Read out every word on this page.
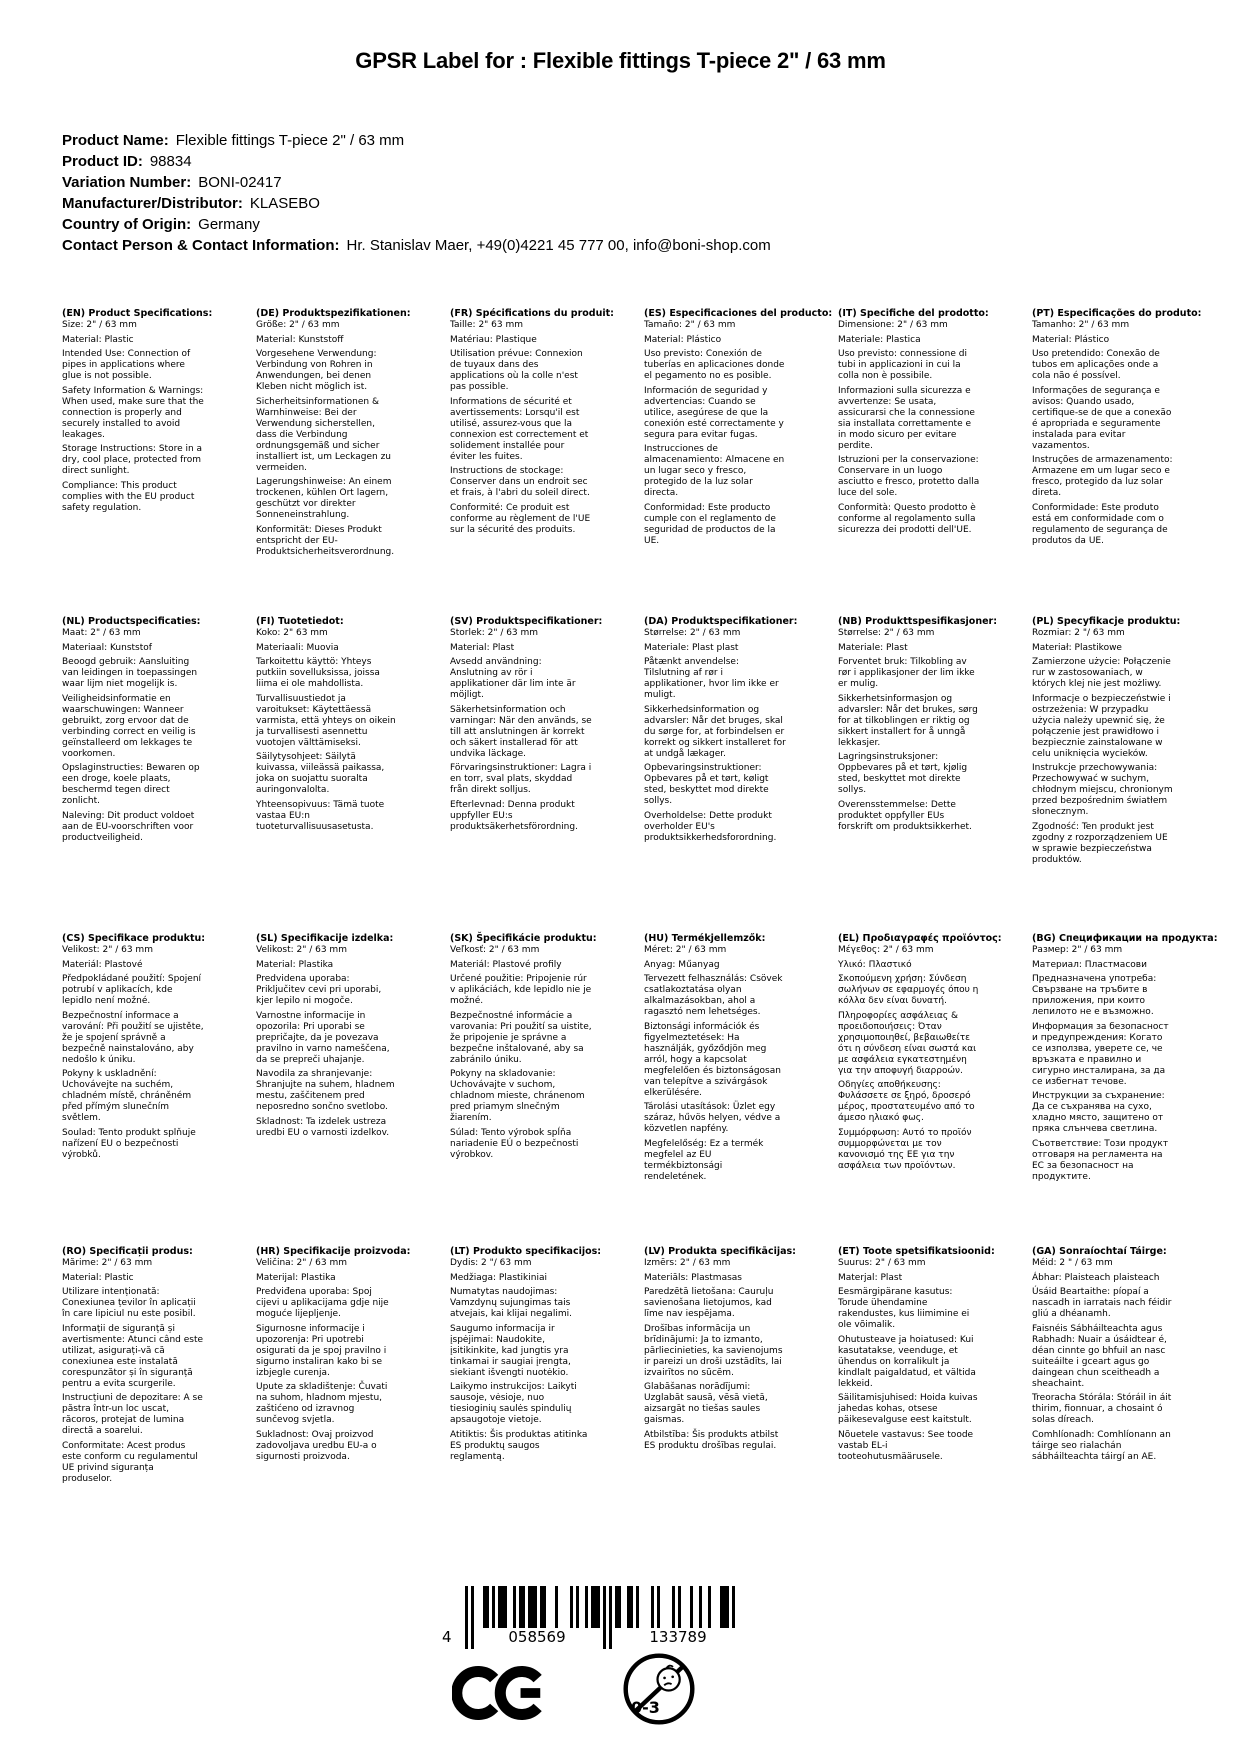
GPSR Label for : Flexible fittings T-piece 2" / 63 mm
Product Name: Flexible fittings T-piece 2" / 63 mm
Product ID: 98834
Variation Number: BONI-02417
Manufacturer/Distributor: KLASEBO
Country of Origin: Germany
Contact Person & Contact Information: Hr. Stanislav Maer, +49(0)4221 45 777 00, info@boni-shop.com
(EN) Product Specifications:

Size: 2" / 63 mm

Material: Plastic

Intended Use: Connection of pipes in applications where glue is not possible.

Safety Information & Warnings: When used, make sure that the connection is properly and securely installed to avoid leakages.

Storage Instructions: Store in a dry, cool place, protected from direct sunlight.

Compliance: This product complies with the EU product safety regulation.

(DE) Produktspezifikationen:

Größe: 2" / 63 mm

Material: Kunststoff

Vorgesehene Verwendung: Verbindung von Rohren in Anwendungen, bei denen Kleben nicht möglich ist.

Sicherheitsinformationen & Warnhinweise: Bei der Verwendung sicherstellen, dass die Verbindung ordnungsgemäß und sicher installiert ist, um Leckagen zu vermeiden.

Lagerungshinweise: An einem trockenen, kühlen Ort lagern, geschützt vor direkter Sonneneinstrahlung.

Konformität: Dieses Produkt entspricht der EU-Produktsicherheitsverordnung.

(FR) Spécifications du produit:

Taille: 2" 63 mm

Matériau: Plastique

Utilisation prévue: Connexion de tuyaux dans des applications où la colle n'est pas possible.

Informations de sécurité et avertissements: Lorsqu'il est utilisé, assurez-vous que la connexion est correctement et solidement installée pour éviter les fuites.

Instructions de stockage: Conserver dans un endroit sec et frais, à l'abri du soleil direct.

Conformité: Ce produit est conforme au règlement de l'UE sur la sécurité des produits.

(ES) Especificaciones del producto:

Tamaño: 2" / 63 mm

Material: Plástico

Uso previsto: Conexión de tuberías en aplicaciones donde el pegamento no es posible.

Información de seguridad y advertencias: Cuando se utilice, asegúrese de que la conexión esté correctamente y segura para evitar fugas.

Instrucciones de almacenamiento: Almacene en un lugar seco y fresco, protegido de la luz solar directa.

Conformidad: Este producto cumple con el reglamento de seguridad de productos de la UE.

(IT) Specifiche del prodotto:

Dimensione: 2" / 63 mm

Materiale: Plastica

Uso previsto: connessione di tubi in applicazioni in cui la colla non è possibile.

Informazioni sulla sicurezza e avvertenze: Se usata, assicurarsi che la connessione sia installata correttamente e in modo sicuro per evitare perdite.

Istruzioni per la conservazione: Conservare in un luogo asciutto e fresco, protetto dalla luce del sole.

Conformità: Questo prodotto è conforme al regolamento sulla sicurezza dei prodotti dell'UE.

(PT) Especificações do produto:

Tamanho: 2" / 63 mm

Material: Plástico

Uso pretendido: Conexão de tubos em aplicações onde a cola não é possível.

Informações de segurança e avisos: Quando usado, certifique-se de que a conexão é apropriada e seguramente instalada para evitar vazamentos.

Instruções de armazenamento: Armazene em um lugar seco e fresco, protegido da luz solar direta.

Conformidade: Este produto está em conformidade com o regulamento de segurança de produtos da UE.

(NL) Productspecificaties:

Maat: 2" / 63 mm

Materiaal: Kunststof

Beoogd gebruik: Aansluiting van leidingen in toepassingen waar lijm niet mogelijk is.

Veiligheidsinformatie en waarschuwingen: Wanneer gebruikt, zorg ervoor dat de verbinding correct en veilig is geïnstalleerd om lekkages te voorkomen.

Opslaginstructies: Bewaren op een droge, koele plaats, beschermd tegen direct zonlicht.

Naleving: Dit product voldoet aan de EU-voorschriften voor productveiligheid.

(FI) Tuotetiedot:

Koko: 2" 63 mm

Materiaali: Muovia

Tarkoitettu käyttö: Yhteys putkiin sovelluksissa, joissa liima ei ole mahdollista.

Turvallisuustiedot ja varoitukset: Käytettäessä varmista, että yhteys on oikein ja turvallisesti asennettu vuotojen välttämiseksi.

Säilytysohjeet: Säilytä kuivassa, viileässä paikassa, joka on suojattu suoralta auringonvalolta.

Yhteensopivuus: Tämä tuote vastaa EU:n tuoteturvallisuusasetusta.

(SV) Produktspecifikationer:

Storlek: 2" / 63 mm

Material: Plast

Avsedd användning: Anslutning av rör i applikationer där lim inte är möjligt.

Säkerhetsinformation och varningar: När den används, se till att anslutningen är korrekt och säkert installerad för att undvika läckage.

Förvaringsinstruktioner: Lagra i en torr, sval plats, skyddad från direkt solljus.

Efterlevnad: Denna produkt uppfyller EU:s produktsäkerhetsförordning.

(DA) Produktspecifikationer:

Størrelse: 2" / 63 mm

Materiale: Plast plast

Påtænkt anvendelse: Tilslutning af rør i applikationer, hvor lim ikke er muligt.

Sikkerhedsinformation og advarsler: Når det bruges, skal du sørge for, at forbindelsen er korrekt og sikkert installeret for at undgå lækager.

Opbevaringsinstruktioner: Opbevares på et tørt, køligt sted, beskyttet mod direkte sollys.

Overholdelse: Dette produkt overholder EU's produktsikkerhedsforordning.

(NB) Produkttspesifikasjoner:

Størrelse: 2" / 63 mm

Materiale: Plast

Forventet bruk: Tilkobling av rør i applikasjoner der lim ikke er mulig.

Sikkerhetsinformasjon og advarsler: Når det brukes, sørg for at tilkoblingen er riktig og sikkert installert for å unngå lekkasjer.

Lagringsinstruksjoner: Oppbevares på et tørt, kjølig sted, beskyttet mot direkte sollys.

Overensstemmelse: Dette produktet oppfyller EUs forskrift om produktsikkerhet.

(PL) Specyfikacje produktu:

Rozmiar: 2 "/ 63 mm

Materiał: Plastikowe

Zamierzone użycie: Połączenie rur w zastosowaniach, w których klej nie jest możliwy.

Informacje o bezpieczeństwie i ostrzeżenia: W przypadku użycia należy upewnić się, że połączenie jest prawidłowo i bezpiecznie zainstalowane w celu uniknięcia wycieków.

Instrukcje przechowywania: Przechowywać w suchym, chłodnym miejscu, chronionym przed bezpośrednim światłem słonecznym.

Zgodność: Ten produkt jest zgodny z rozporządzeniem UE w sprawie bezpieczeństwa produktów.

(CS) Specifikace produktu:

Velikost: 2" / 63 mm

Materiál: Plastové

Předpokládané použití: Spojení potrubí v aplikacích, kde lepidlo není možné.

Bezpečnostní informace a varování: Při použití se ujistěte, že je spojení správně a bezpečně nainstalováno, aby nedošlo k úniku.

Pokyny k uskladnění: Uchovávejte na suchém, chladném místě, chráněném před přímým slunečním světlem.

Soulad: Tento produkt splňuje nařízení EU o bezpečnosti výrobků.

(SL) Specifikacije izdelka:

Velikost: 2" / 63 mm

Material: Plastika

Predvidena uporaba: Priključitev cevi pri uporabi, kjer lepilo ni mogoče.

Varnostne informacije in opozorila: Pri uporabi se prepričajte, da je povezava pravilno in varno nameščena, da se prepreči uhajanje.

Navodila za shranjevanje: Shranjujte na suhem, hladnem mestu, zaščitenem pred neposredno sončno svetlobo.

Skladnost: Ta izdelek ustreza uredbi EU o varnosti izdelkov.

(SK) Špecifikácie produktu:

Veľkosť: 2" / 63 mm

Materiál: Plastové profily

Určené použitie: Pripojenie rúr v aplikáciách, kde lepidlo nie je možné.

Bezpečnostné informácie a varovania: Pri použití sa uistite, že pripojenie je správne a bezpečne inštalované, aby sa zabránilo úniku.

Pokyny na skladovanie: Uchovávajte v suchom, chladnom mieste, chránenom pred priamym slnečným žiarením.

Súlad: Tento výrobok spĺňa nariadenie EÚ o bezpečnosti výrobkov.

(HU) Termékjellemzők:

Méret: 2" / 63 mm

Anyag: Műanyag

Tervezett felhasználás: Csövek csatlakoztatása olyan alkalmazásokban, ahol a ragasztó nem lehetséges.

Biztonsági információk és figyelmeztetések: Ha használják, győződjön meg arról, hogy a kapcsolat megfelelően és biztonságosan van telepítve a szivárgások elkerülésére.

Tárolási utasítások: Üzlet egy száraz, hűvös helyen, védve a közvetlen napfény.

Megfelelőség: Ez a termék megfelel az EU termékbiztonsági rendeletének.

(EL) Προδιαγραφές προϊόντος:

Μέγεθος: 2" / 63 mm

Υλικό: Πλαστικό

Σκοπούμενη χρήση: Σύνδεση σωλήνων σε εφαρμογές όπου η κόλλα δεν είναι δυνατή.

Πληροφορίες ασφάλειας & προειδοποιήσεις: Όταν χρησιμοποιηθεί, βεβαιωθείτε ότι η σύνδεση είναι σωστά και με ασφάλεια εγκατεστημένη για την αποφυγή διαρροών.

Οδηγίες αποθήκευσης: Φυλάσσετε σε ξηρό, δροσερό μέρος, προστατευμένο από το άμεσο ηλιακό φως.

Συμμόρφωση: Αυτό το προϊόν συμμορφώνεται με τον κανονισμό της ΕΕ για την ασφάλεια των προϊόντων.

(BG) Спецификации на продукта:

Размер: 2" / 63 mm

Материал: Пластмасови

Предназначена употреба: Свързване на тръбите в приложения, при които лепилото не е възможно.

Информация за безопасност и предупреждения: Когато се използва, уверете се, че връзката е правилно и сигурно инсталирана, за да се избегнат течове.

Инструкции за съхранение: Да се съхранява на сухо, хладно място, защитено от пряка слънчева светлина.

Съответствие: Този продукт отговаря на регламента на ЕС за безопасност на продуктите.

(RO) Specificații produs:

Mărime: 2" / 63 mm

Material: Plastic

Utilizare intenționată: Conexiunea țevilor în aplicații în care lipiciul nu este posibil.

Informații de siguranță și avertismente: Atunci când este utilizat, asigurați-vă că conexiunea este instalată corespunzător și în siguranță pentru a evita scurgerile.

Instrucțiuni de depozitare: A se păstra într-un loc uscat, răcoros, protejat de lumina directă a soarelui.

Conformitate: Acest produs este conform cu regulamentul UE privind siguranța produselor.

(HR) Specifikacije proizvoda:

Veličina: 2" / 63 mm

Materijal: Plastika

Predviđena uporaba: Spoj cijevi u aplikacijama gdje nije moguće lijepljenje.

Sigurnosne informacije i upozorenja: Pri upotrebi osigurati da je spoj pravilno i sigurno instaliran kako bi se izbjegle curenja.

Upute za skladištenje: Čuvati na suhom, hladnom mjestu, zaštićeno od izravnog sunčevog svjetla.

Sukladnost: Ovaj proizvod zadovoljava uredbu EU-a o sigurnosti proizvoda.

(LT) Produkto specifikacijos:

Dydis: 2 "/ 63 mm

Medžiaga: Plastikiniai

Numatytas naudojimas: Vamzdynų sujungimas tais atvejais, kai klijai negalimi.

Saugumo informacija ir įspėjimai: Naudokite, įsitikinkite, kad jungtis yra tinkamai ir saugiai įrengta, siekiant išvengti nuotėkio.

Laikymo instrukcijos: Laikyti sausoje, vėsioje, nuo tiesioginių saulės spindulių apsaugotoje vietoje.

Atitiktis: Šis produktas atitinka ES produktų saugos reglamentą.

(LV) Produkta specifikācijas:

Izmērs: 2" / 63 mm

Materiāls: Plastmasas

Paredzētā lietošana: Cauruļu savienošana lietojumos, kad līme nav iespējama.

Drošības informācija un brīdinājumi: Ja to izmanto, pārliecinieties, ka savienojums ir pareizi un droši uzstādīts, lai izvairītos no sūcēm.

Glabāšanas norādījumi: Uzglabāt sausā, vēsā vietā, aizsargāt no tiešas saules gaismas.

Atbilstība: Šis produkts atbilst ES produktu drošības regulai.

(ET) Toote spetsifikatsioonid:

Suurus: 2" / 63 mm

Materjal: Plast

Eesmärgipärane kasutus: Torude ühendamine rakendustes, kus liimimine ei ole võimalik.

Ohutusteave ja hoiatused: Kui kasutatakse, veenduge, et ühendus on korralikult ja kindlalt paigaldatud, et vältida lekkeid.

Säilitamisjuhised: Hoida kuivas jahedas kohas, otsese päikesevalguse eest kaitstult.

Nõuetele vastavus: See toode vastab EL-i tooteohutusmäärusele.

(GA) Sonraíochtaí Táirge:

Méid: 2 " / 63 mm

Ábhar: Plaisteach plaisteach

Úsáid Beartaithe: píopaí a nascadh in iarratais nach féidir gliú a dhéanamh.

Faisnéis Sábháilteachta agus Rabhadh: Nuair a úsáidtear é, déan cinnte go bhfuil an nasc suiteáilte i gceart agus go daingean chun sceitheadh a sheachaint.

Treoracha Stórála: Stóráil in áit thirim, fionnuar, a chosaint ó solas díreach.

Comhlíonadh: Comhlíonann an táirge seo rialachán sábháilteachta táirgí an AE.

4	058569	133789
0-3
